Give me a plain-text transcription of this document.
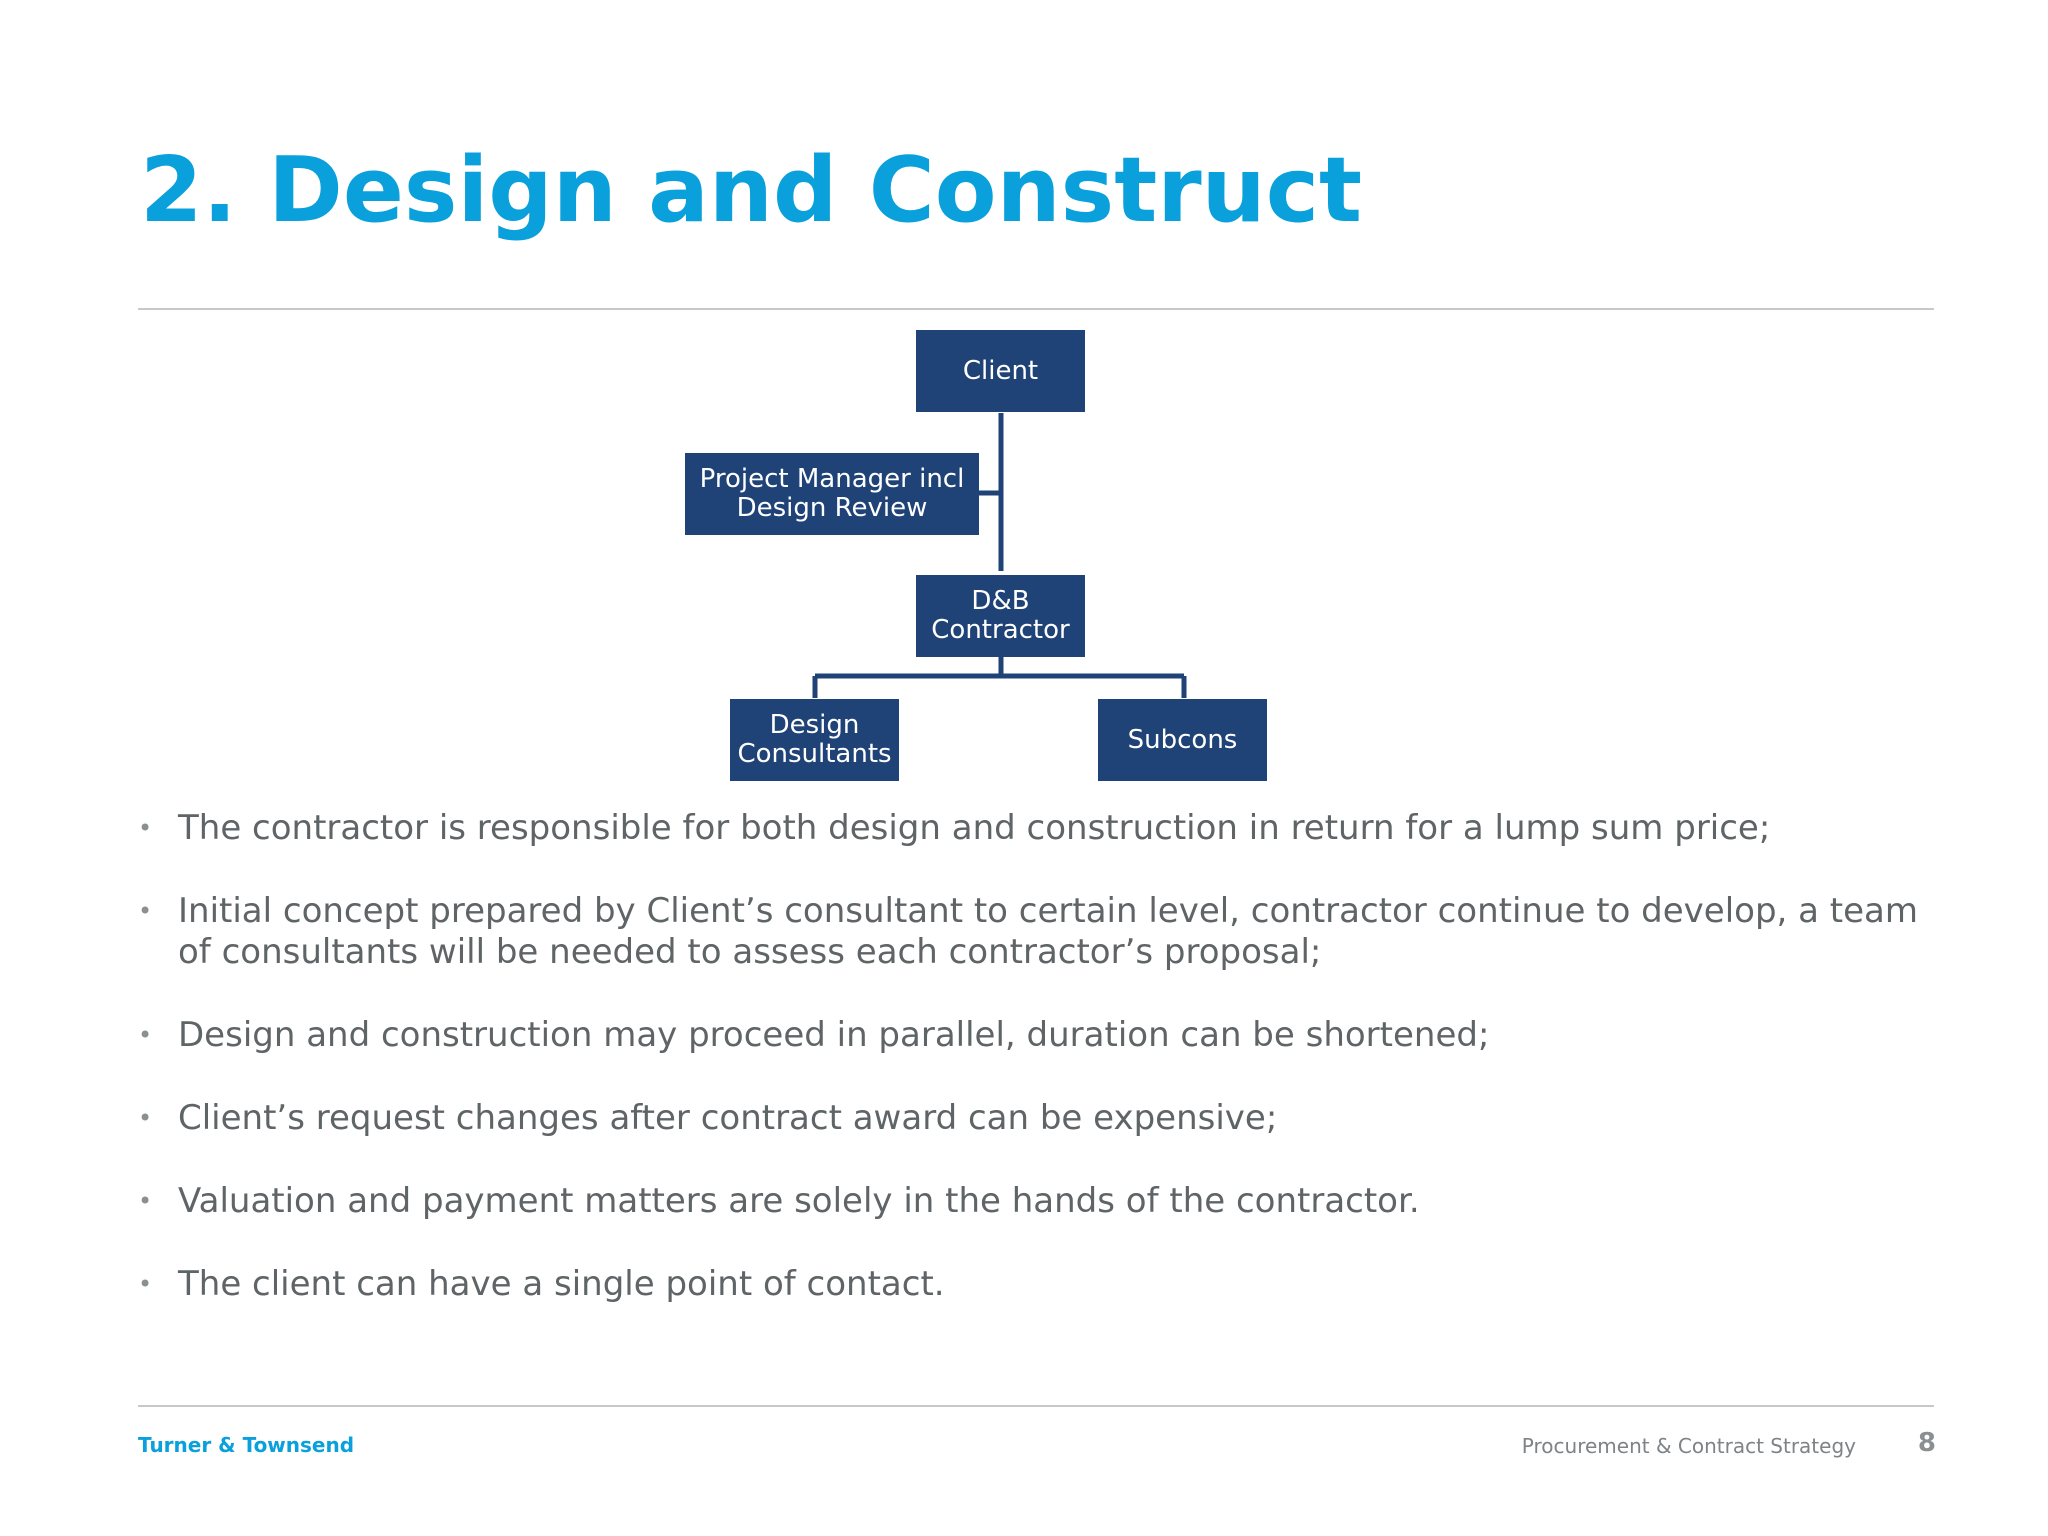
2. Design and Construct
Client
Project Manager incl
Design Review
D&B
Contractor
Design
Consultants	Subcons
• The contractor is responsible for both design and construction in return for a lump sum price;
• Initial concept prepared by Client’s consultant to certain level, contractor continue to develop, a team of consultants will be needed to assess each contractor’s proposal;
• Design and construction may proceed in parallel, duration can be shortened;
• Client’s request changes after contract award can be expensive;
• Valuation and payment matters are solely in the hands of the contractor.
• The client can have a single point of contact.
Turner & Townsend	Procurement & Contract Strategy 8
